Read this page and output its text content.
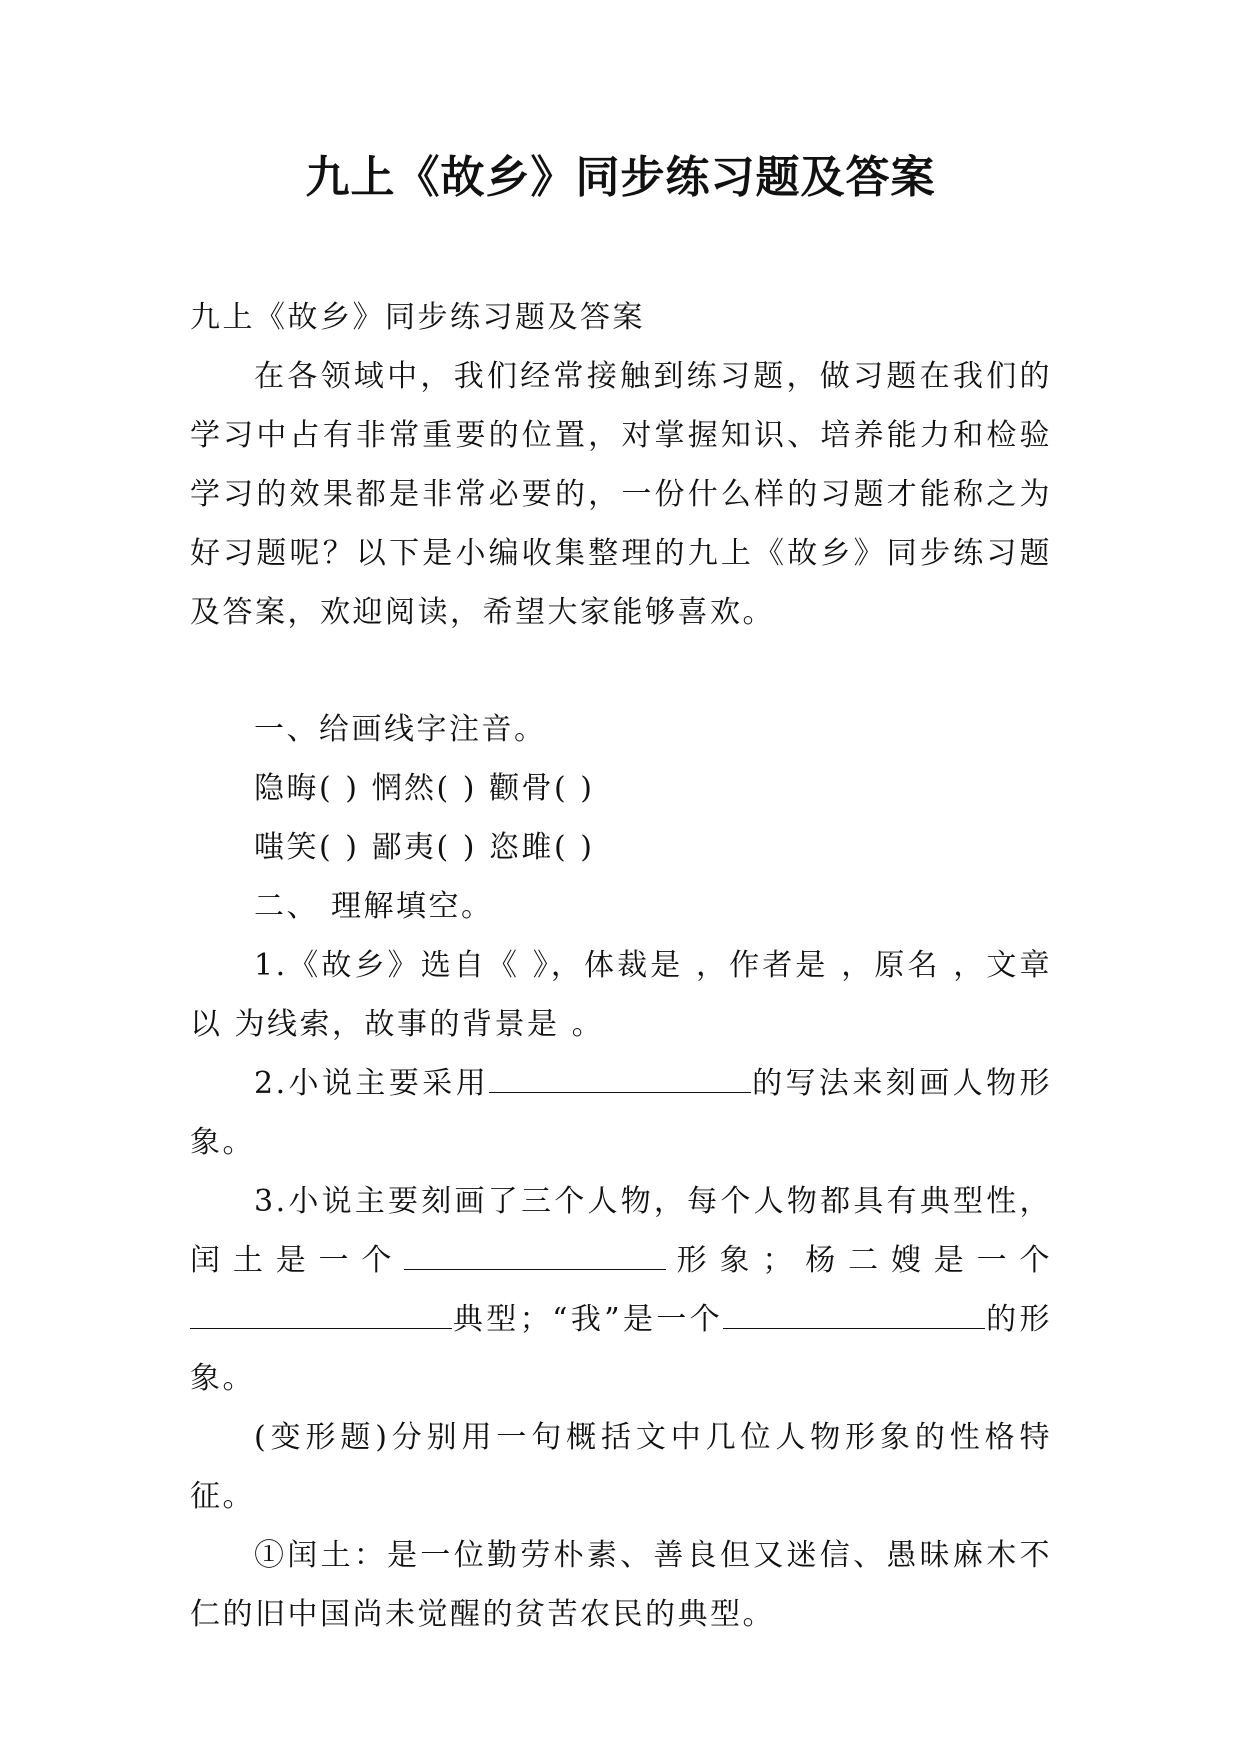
九上《故乡》同步练习题及答案

九上《故乡》同步练习题及答案

在各领域中，我们经常接触到练习题，做习题在我们的学习中占有非常重要的位置，对掌握知识、培养能力和检验学习的效果都是非常必要的，一份什么样的习题才能称之为好习题呢？以下是小编收集整理的九上《故乡》同步练习题及答案，欢迎阅读，希望大家能够喜欢。

一、给画线字注音。

隐晦( ) 惘然( ) 颧骨( )

嗤笑( ) 鄙夷( ) 恣雎( )

二、 理解填空。

1.《故乡》选自《 》，体裁是 ，作者是 ，原名 ，文章以 为线索，故事的背景是 。

2.小说主要采用	的写法来刻画人物形象。

3.小说主要刻画了三个人物，每个人物都具有典型性，闰土是一个	形象；杨二嫂是一个典型；“我”是一个	的形象。

(变形题)分别用一句概括文中几位人物形象的性格特征。

①闰土：是一位勤劳朴素、善良但又迷信、愚昧麻木不仁的旧中国尚未觉醒的贫苦农民的典型。
